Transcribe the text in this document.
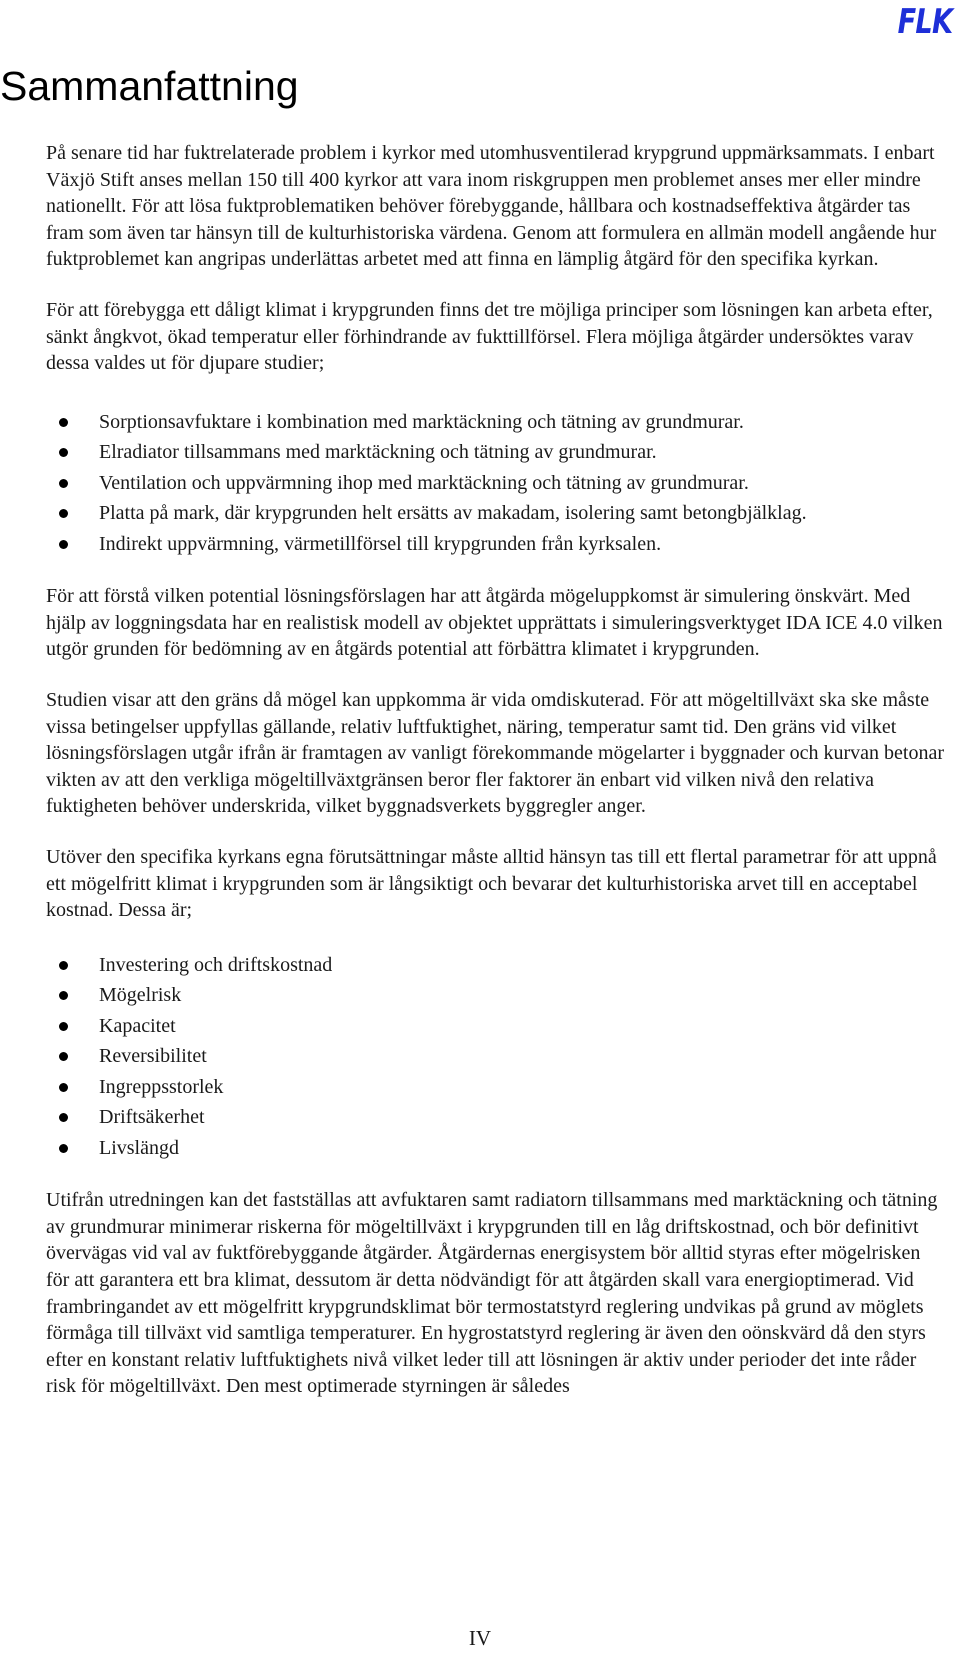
FLK
Sammanfattning

På senare tid har fuktrelaterade problem i kyrkor med utomhusventilerad krypgrund uppmärksammats. I enbart Växjö Stift anses mellan 150 till 400 kyrkor att vara inom riskgruppen men problemet anses mer eller mindre nationellt. För att lösa fuktproblematiken behöver förebyggande, hållbara och kostnadseffektiva åtgärder tas fram som även tar hänsyn till de kulturhistoriska värdena. Genom att formulera en allmän modell angående hur fuktproblemet kan angripas underlättas arbetet med att finna en lämplig åtgärd för den specifika kyrkan.

För att förebygga ett dåligt klimat i krypgrunden finns det tre möjliga principer som lösningen kan arbeta efter, sänkt ångkvot, ökad temperatur eller förhindrande av fukttillförsel. Flera möjliga åtgärder undersöktes varav dessa valdes ut för djupare studier;

Sorptionsavfuktare i kombination med marktäckning och tätning av grundmurar.
Elradiator tillsammans med marktäckning och tätning av grundmurar.
Ventilation och uppvärmning ihop med marktäckning och tätning av grundmurar.
Platta på mark, där krypgrunden helt ersätts av makadam, isolering samt betongbjälklag.
Indirekt uppvärmning, värmetillförsel till krypgrunden från kyrksalen.

För att förstå vilken potential lösningsförslagen har att åtgärda mögeluppkomst är simulering önskvärt. Med hjälp av loggningsdata har en realistisk modell av objektet upprättats i simuleringsverktyget IDA ICE 4.0 vilken utgör grunden för bedömning av en åtgärds potential att förbättra klimatet i krypgrunden.

Studien visar att den gräns då mögel kan uppkomma är vida omdiskuterad. För att mögeltillväxt ska ske måste vissa betingelser uppfyllas gällande, relativ luftfuktighet, näring, temperatur samt tid. Den gräns vid vilket lösningsförslagen utgår ifrån är framtagen av vanligt förekommande mögelarter i byggnader och kurvan betonar vikten av att den verkliga mögeltillväxtgränsen beror fler faktorer än enbart vid vilken nivå den relativa fuktigheten behöver underskrida, vilket byggnadsverkets byggregler anger.

Utöver den specifika kyrkans egna förutsättningar måste alltid hänsyn tas till ett flertal parametrar för att uppnå ett mögelfritt klimat i krypgrunden som är långsiktigt och bevarar det kulturhistoriska arvet till en acceptabel kostnad. Dessa är;

Investering och driftskostnad
Mögelrisk
Kapacitet
Reversibilitet
Ingreppsstorlek
Driftsäkerhet
Livslängd

Utifrån utredningen kan det fastställas att avfuktaren samt radiatorn tillsammans med marktäckning och tätning av grundmurar minimerar riskerna för mögeltillväxt i krypgrunden till en låg driftskostnad, och bör definitivt övervägas vid val av fuktförebyggande åtgärder. Åtgärdernas energisystem bör alltid styras efter mögelrisken för att garantera ett bra klimat, dessutom är detta nödvändigt för att åtgärden skall vara energioptimerad. Vid frambringandet av ett mögelfritt krypgrundsklimat bör termostatstyrd reglering undvikas på grund av möglets förmåga till tillväxt vid samtliga temperaturer. En hygrostatstyrd reglering är även den oönskvärd då den styrs efter en konstant relativ luftfuktighets nivå vilket leder till att lösningen är aktiv under perioder det inte råder risk för mögeltillväxt. Den mest optimerade styrningen är således

IV
